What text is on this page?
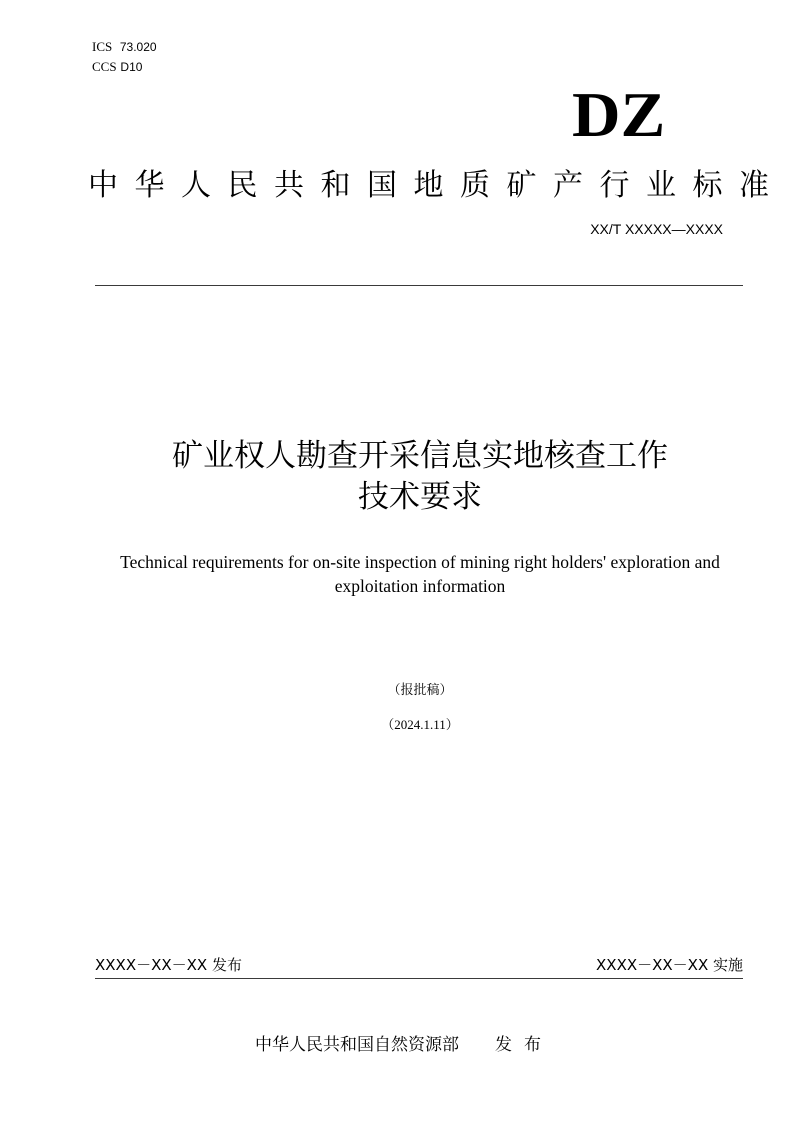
ICS 73.020
CCS D10
DZ
中华人民共和国地质矿产行业标准
XX/T XXXXX—XXXX
矿业权人勘查开采信息实地核查工作
技术要求
Technical requirements for on-site inspection of mining right holders' exploration and
exploitation information
（报批稿）
（2024.1.11）
XXXX－XX－XX 发布	XXXX－XX－XX 实施
中华人民共和国自然资源部 发布
